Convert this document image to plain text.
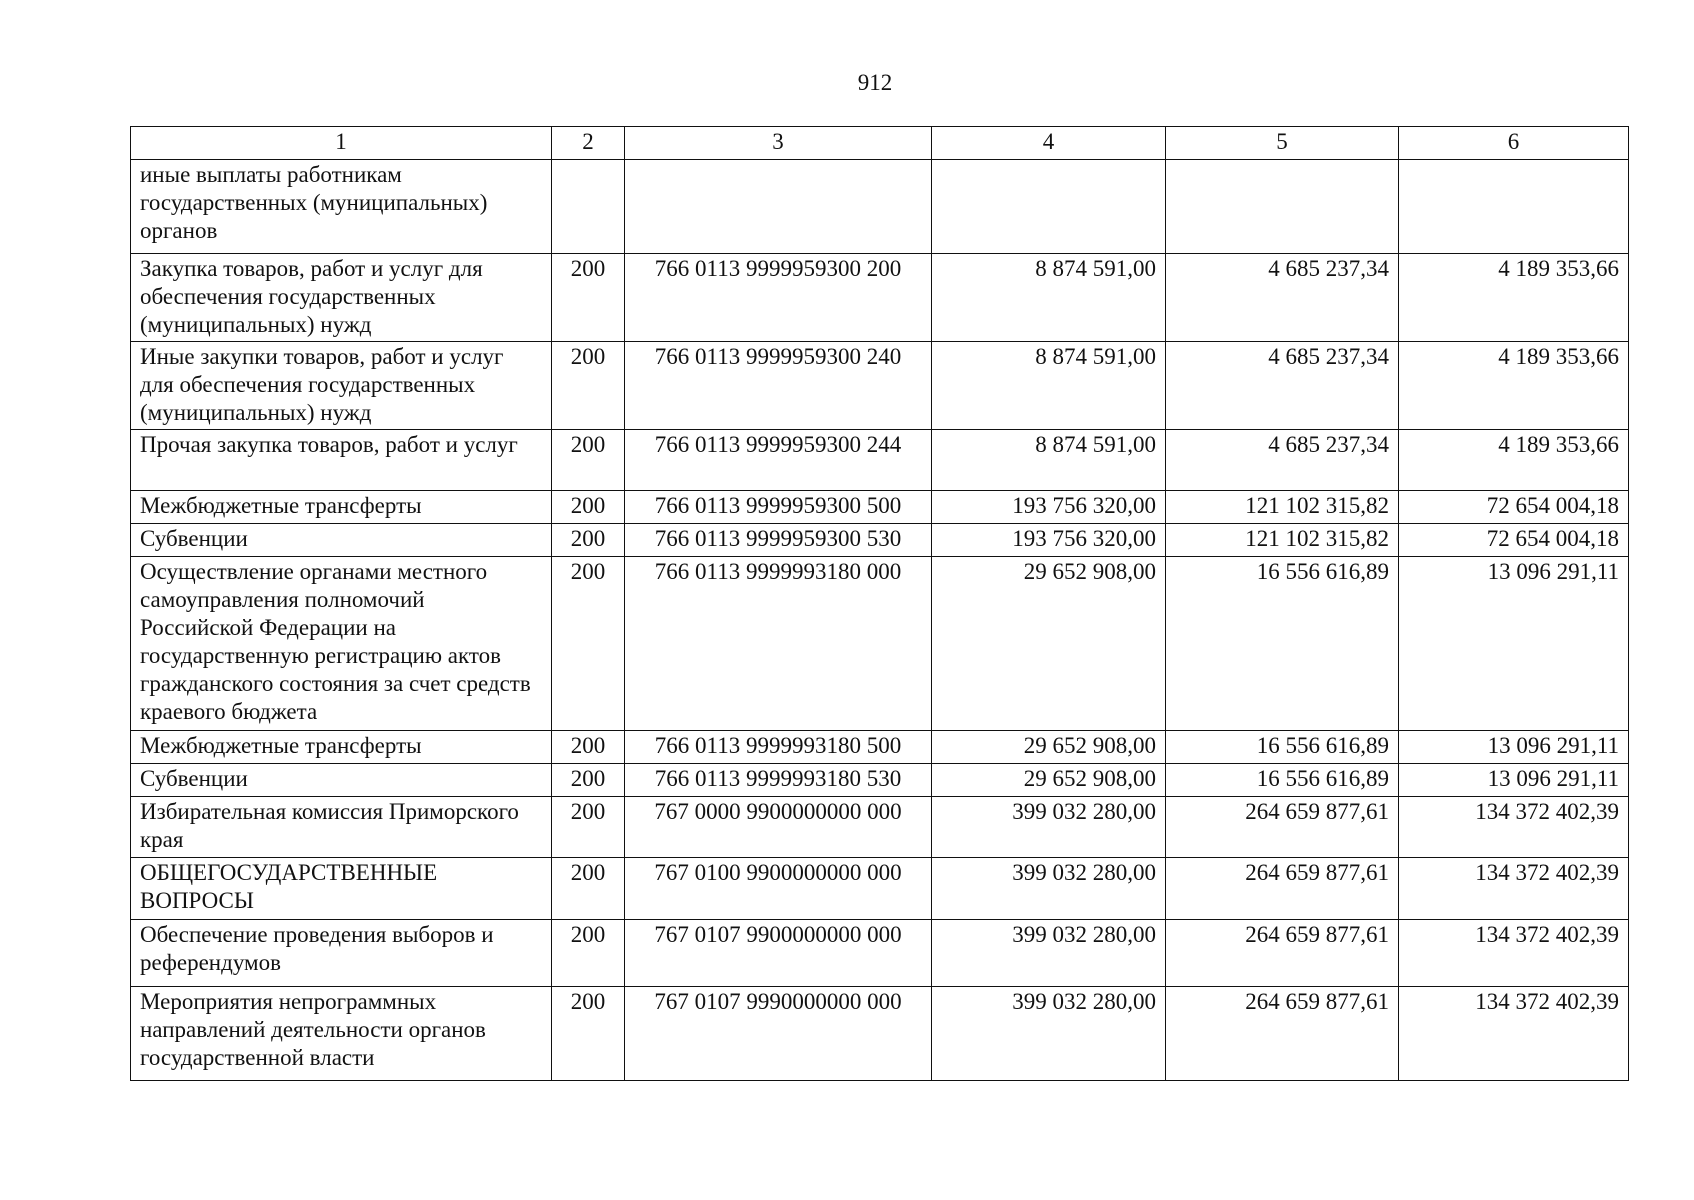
912
1	2	3	4	5	6
иные выплаты работникам государственных (муниципальных) органов					
Закупка товаров, работ и услуг для обеспечения государственных (муниципальных) нужд	200	766 0113 9999959300 200	8 874 591,00	4 685 237,34	4 189 353,66
Иные закупки товаров, работ и услуг для обеспечения государственных (муниципальных) нужд	200	766 0113 9999959300 240	8 874 591,00	4 685 237,34	4 189 353,66
Прочая закупка товаров, работ и услуг	200	766 0113 9999959300 244	8 874 591,00	4 685 237,34	4 189 353,66
Межбюджетные трансферты	200	766 0113 9999959300 500	193 756 320,00	121 102 315,82	72 654 004,18
Субвенции	200	766 0113 9999959300 530	193 756 320,00	121 102 315,82	72 654 004,18
Осуществление органами местного самоуправления полномочий Российской Федерации на государственную регистрацию актов гражданского состояния за счет средств краевого бюджета	200	766 0113 9999993180 000	29 652 908,00	16 556 616,89	13 096 291,11
Межбюджетные трансферты	200	766 0113 9999993180 500	29 652 908,00	16 556 616,89	13 096 291,11
Субвенции	200	766 0113 9999993180 530	29 652 908,00	16 556 616,89	13 096 291,11
Избирательная комиссия Приморского края	200	767 0000 9900000000 000	399 032 280,00	264 659 877,61	134 372 402,39
ОБЩЕГОСУДАРСТВЕННЫЕ ВОПРОСЫ	200	767 0100 9900000000 000	399 032 280,00	264 659 877,61	134 372 402,39
Обеспечение проведения выборов и референдумов	200	767 0107 9900000000 000	399 032 280,00	264 659 877,61	134 372 402,39
Мероприятия непрограммных направлений деятельности органов государственной власти	200	767 0107 9990000000 000	399 032 280,00	264 659 877,61	134 372 402,39
